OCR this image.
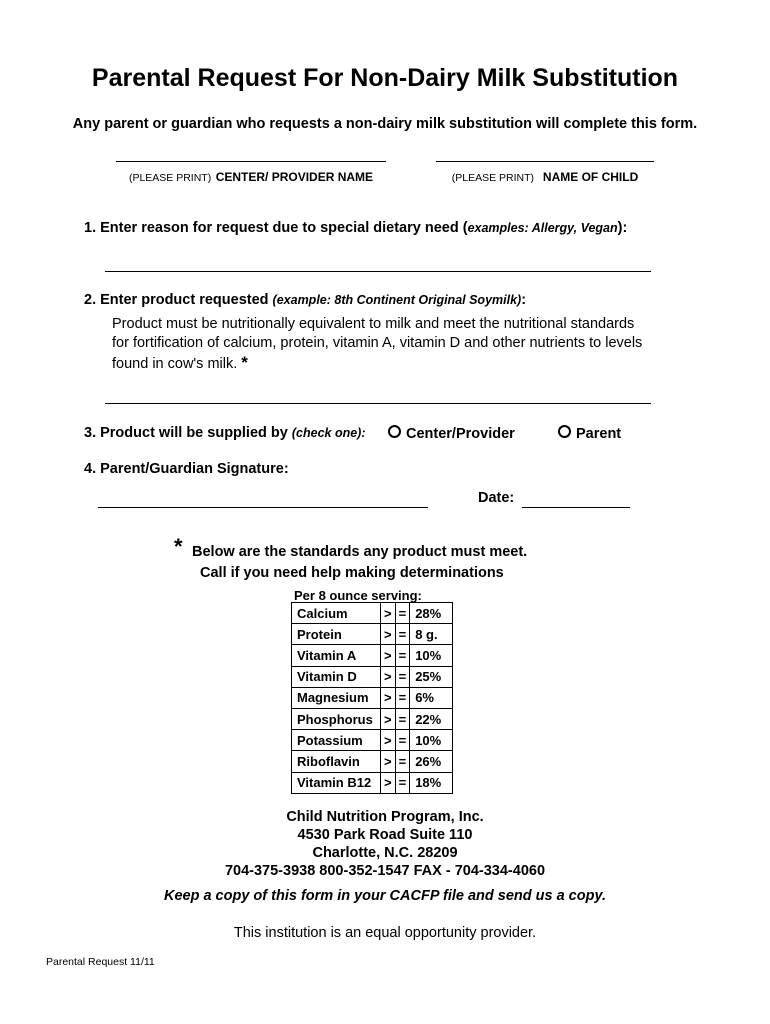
Parental Request For Non-Dairy Milk Substitution
Any parent or guardian who requests a non-dairy milk substitution will complete this form.
(PLEASE PRINT) CENTER/ PROVIDER NAME	(PLEASE PRINT) NAME OF CHILD
1. Enter reason for request due to special dietary need (examples: Allergy, Vegan):
2. Enter product requested (example: 8th Continent Original Soymilk):
Product must be nutritionally equivalent to milk and meet the nutritional standards
for fortification of calcium, protein, vitamin A, vitamin D and other nutrients to levels
found in cow's milk. *
3. Product will be supplied by (check one):	Center/Provider	Parent
4. Parent/Guardian Signature:
Date:
* Below are the standards any product must meet.
Call if you need help making determinations
Per 8 ounce serving:
Calcium	>	=	28%
Protein	>	=	8 g.
Vitamin A	>	=	10%
Vitamin D	>	=	25%
Magnesium	>	=	6%
Phosphorus	>	=	22%
Potassium	>	=	10%
Riboflavin	>	=	26%
Vitamin B12	>	=	18%
Child Nutrition Program, Inc.
4530 Park Road Suite 110
Charlotte, N.C. 28209
704-375-3938 800-352-1547 FAX - 704-334-4060
Keep a copy of this form in your CACFP file and send us a copy.
This institution is an equal opportunity provider.
Parental Request 11/11
